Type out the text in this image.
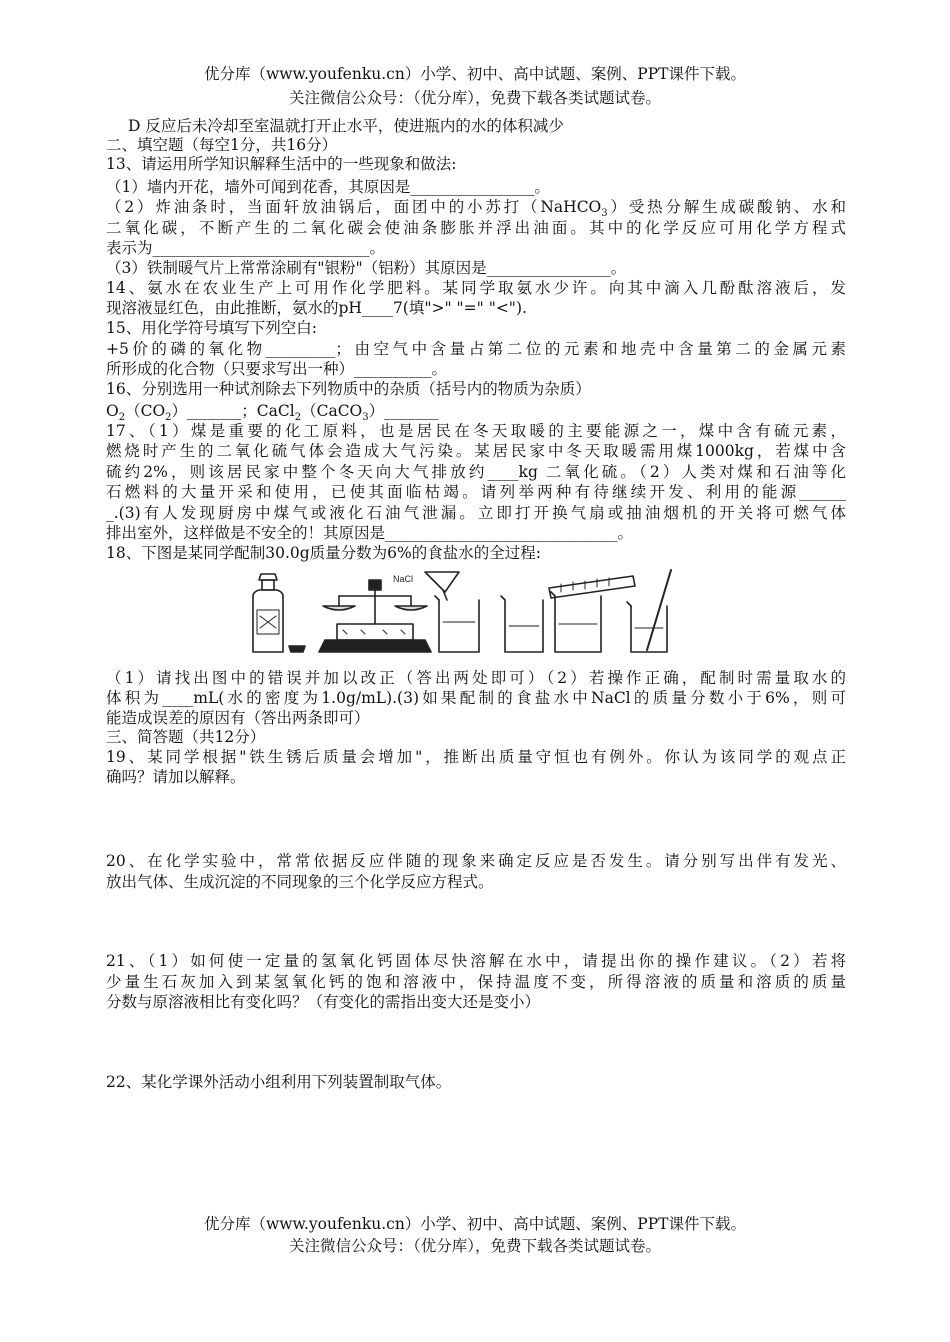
优分库（www.youfenku.cn）小学、初中、高中试题、案例、PPT课件下载。
关注微信公众号：（优分库），免费下载各类试题试卷。
D 反应后未冷却至室温就打开止水平，使进瓶内的水的体积减少
二、填空题（每空1分，共16分）
13、请运用所学知识解释生活中的一些现象和做法:
（1）墙内开花，墙外可闻到花香，其原因是________________。
（2）炸油条时，当面轩放油锅后，面团中的小苏打（NaHCO$_3$）受热分解生成碳酸钠、水和
二氧化碳，不断产生的二氧化碳会使油条膨胀并浮出油面。其中的化学反应可用化学方程式
表示为____________________________。
（3）铁制暖气片上常常涂刷有"银粉"（铝粉）其原因是________________。
14、氨水在农业生产上可用作化学肥料。某同学取氨水少许。向其中滴入几酚酞溶液后，发
现溶液显红色，由此推断，氨水的pH____7(填">" "=" "<").
15、用化学符号填写下列空白:
+5价的磷的氧化物_________；由空气中含量占第二位的元素和地壳中含量第二的金属元素
所形成的化合物（只要求写出一种）__________。
16、分别选用一种试剂除去下列物质中的杂质（括号内的物质为杂质）
$O_2(CO_2)\_\_\_\_\_\_\_$；CaCl$_2$（CaCO$_3$）_______
17、（1）煤是重要的化工原料，也是居民在冬天取暖的主要能源之一，煤中含有硫元素，
燃烧时产生的二氧化硫气体会造成大气污染。某居民家中冬天取暖需用煤1000kg，若煤中含
硫约2%，则该居民家中整个冬天向大气排放约____kg 二氧化硫。（2）人类对煤和石油等化
石燃料的大量开采和使用，已使其面临枯竭。请列举两种有待继续开发、利用的能源______
_.(3)有人发现厨房中煤气或液化石油气泄漏。立即打开换气扇或抽油烟机的开关将可燃气体
排出室外，这样做是不安全的！其原因是______________________________。
18、下图是某同学配制30.0g质量分数为6%的食盐水的全过程:
NaCl
（1）请找出图中的错误并加以改正（答出两处即可）（2）若操作正确，配制时需量取水的
体积为____mL(水的密度为1.0g/mL).(3)如果配制的食盐水中NaCl的质量分数小于6%，则可
能造成误差的原因有（答出两条即可）
三、简答题（共12分）
19、某同学根据"铁生锈后质量会增加"，推断出质量守恒也有例外。你认为该同学的观点正
确吗？请加以解释。
20、在化学实验中，常常依据反应伴随的现象来确定反应是否发生。请分别写出伴有发光、
放出气体、生成沉淀的不同现象的三个化学反应方程式。
21、（1）如何使一定量的氢氧化钙固体尽快溶解在水中，请提出你的操作建议。（2）若将
少量生石灰加入到某氢氧化钙的饱和溶液中，保持温度不变，所得溶液的质量和溶质的质量
分数与原溶液相比有变化吗？（有变化的需指出变大还是变小）
22、某化学课外活动小组利用下列装置制取气体。
优分库（www.youfenku.cn）小学、初中、高中试题、案例、PPT课件下载。
关注微信公众号：（优分库），免费下载各类试题试卷。
